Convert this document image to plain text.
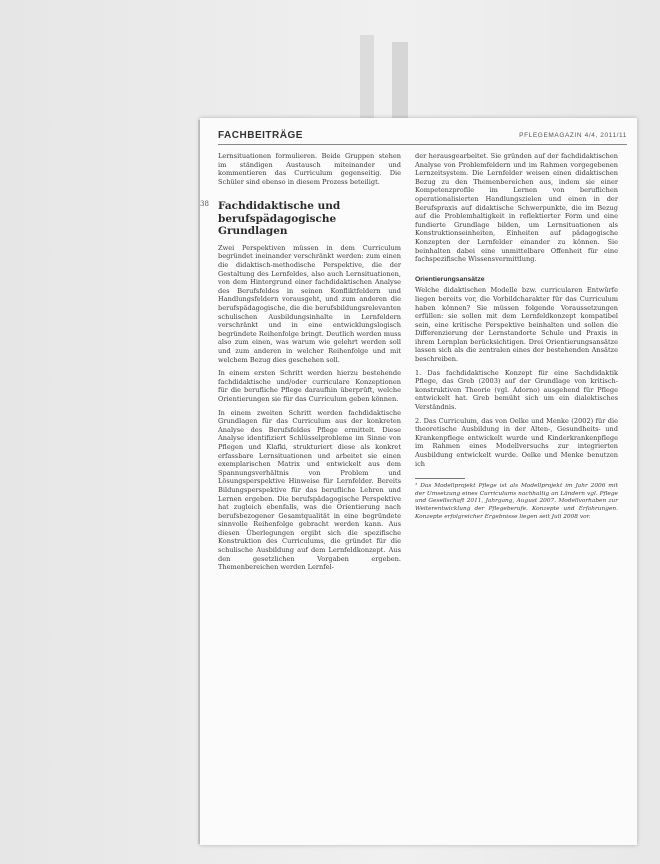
FACHBEITRÄGE	PFLEGEMAGAZIN 4/4, 2011/11

Lernsituationen formulieren. Beide Gruppen stehen im ständigen Austausch miteinander und kommentieren das Curriculum gegenseitig. Die Schüler sind ebenso in diesem Prozess beteiligt.

38 Fachdidaktische und berufspädagogische Grundlagen

Zwei Perspektiven müssen in dem Curriculum begründet ineinander verschränkt werden: zum einen die didaktisch-methodische Perspektive, die der Gestaltung des Lernfeldes, also auch Lernsituationen, von dem Hintergrund einer fachdidaktischen Analyse des Berufsfeldes in seinen Konfliktfeldern und Handlungsfeldern vorausgeht, und zum anderen die berufspädagogische, die die berufsbildungsrelevanten schulischen Ausbildungsinhalte in Lernfeldern verschränkt und in eine entwicklungslogisch begründete Reihenfolge bringt. Deutlich werden muss also zum einen, was warum wie gelehrt werden soll und zum anderen in welcher Reihenfolge und mit welchem Bezug dies geschehen soll.

In einem ersten Schritt werden hierzu bestehende fachdidaktische und/oder curriculare Konzeptionen für die berufliche Pflege daraufhin überprüft, welche Orientierungen sie für das Curriculum geben können.

In einem zweiten Schritt werden fachdidaktische Grundlagen für das Curriculum aus der konkreten Analyse des Berufsfeldes Pflege ermittelt. Diese Analyse identifiziert Schlüsselprobleme im Sinne von Pflegen und Klafki, strukturiert diese als konkret erfassbare Lernsituationen und arbeitet sie einen exemplarischen Matrix und entwickelt aus dem Spannungsverhältnis von Problem und Lösungsperspektive Hinweise für Lernfelder. Bereits Bildungsperspektive für das berufliche Lehren und Lernen ergeben. Die berufspädagogische Perspektive hat zugleich ebenfalls, was die Orientierung nach berufsbezogener Gesamtqualität in eine begründete sinnvolle Reihenfolge gebracht werden kann. Aus diesen Überlegungen ergibt sich die spezifische Konstruktion des Curriculums, die gründet für die schulische Ausbildung auf dem Lernfeldkonzept. Aus den gesetzlichen Vorgaben ergeben. Themenbereichen werden Lernfel-

der herausgearbeitet. Sie gründen auf der fachdidaktischen Analyse von Problemfeldern und im Rahmen vorgegebenen Lernzeitsystem. Die Lernfelder weisen einen didaktischen Bezug zu den Themenbereichen aus, indem sie einer Kompetenzprofile im Lernen von beruflichen operationalisierten Handlungszielen und einen in der Berufspraxis auf didaktische Schwerpunkte, die im Bezug auf die Problemhaltigkeit in reflektierter Form und eine fundierte Grundlage bilden, um Lernsituationen als Konstruktionseinheiten, Einheiten auf pädagogische Konzepten der Lernfelder einander zu können. Sie beinhalten dabei eine unmittelbare Offenheit für eine fachspezifische Wissensvermittlung.

Orientierungsansätze

Welche didaktischen Modelle bzw. curricularen Entwürfe liegen bereits vor, die Vorbildcharakter für das Curriculum haben können? Sie müssen folgende Voraussetzungen erfüllen: sie sollen mit dem Lernfeldkonzept kompatibel sein, eine kritische Perspektive beinhalten und sollen die Differenzierung der Lernstandorte Schule und Praxis in ihrem Lernplan berücksichtigen. Drei Orientierungsansätze lassen sich als die zentralen eines der bestehenden Ansätze beschreiben.

1. Das fachdidaktische Konzept für eine Sachdidaktik Pflege, das Greb (2003) auf der Grundlage von kritisch-konstruktiven Theorie (vgl. Adorno) ausgehend für Pflege entwickelt hat. Greb bemüht sich um ein dialektisches Verständnis.

2. Das Curriculum, das von Oelke und Menke (2002) für die theoretische Ausbildung in der Alten-, Gesundheits- und Krankenpflege entwickelt wurde und Kinderkrankenpflege im Rahmen eines Modellversuchs zur integrierten Ausbildung entwickelt wurde. Oelke und Menke benutzen ich

¹ Das Modellprojekt Pflege ist als Modellprojekt im Jahr 2006 mit der Umsetzung eines Curriculums nachhaltig an Ländern vgl. Pflege und Gesellschaft 2011, Jahrgang, August 2007. Modellvorhaben zur Weiterentwicklung der Pflegeberufe. Konzepte und Erfahrungen. Konzepte erfolgreicher Ergebnisse liegen seit Juli 2008 vor.
